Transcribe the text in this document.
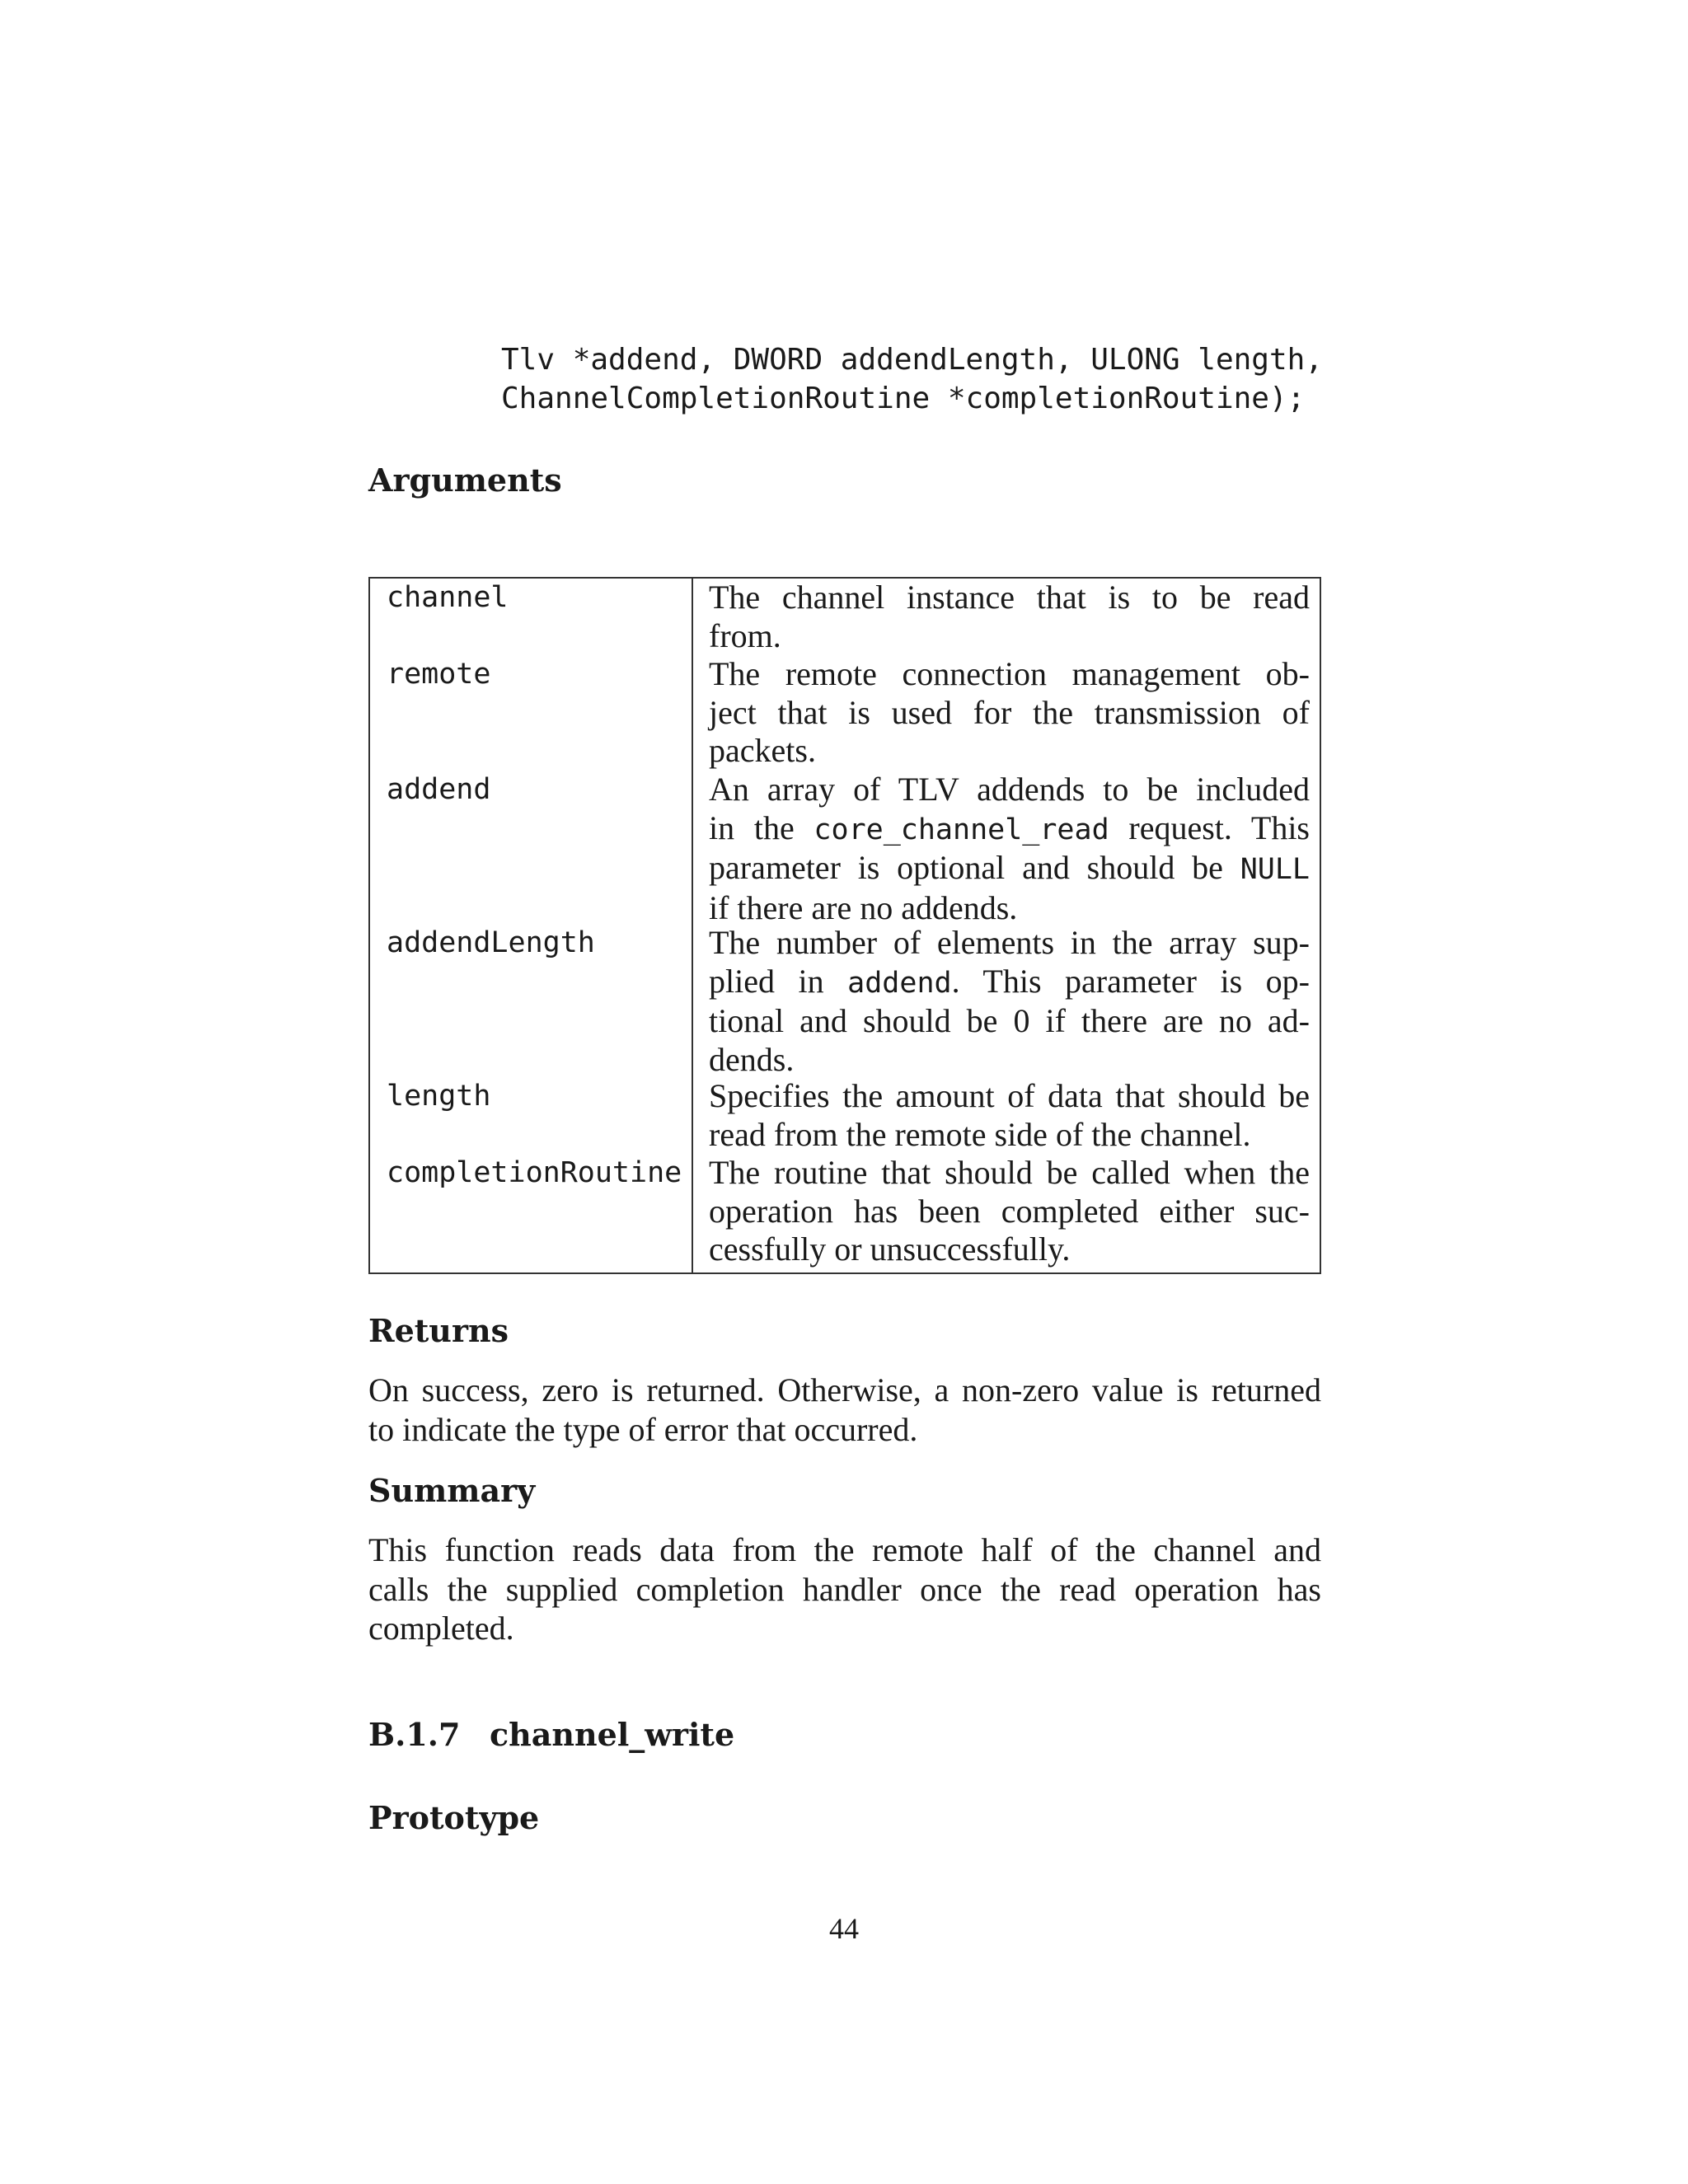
Tlv *addend, DWORD addendLength, ULONG length,
ChannelCompletionRoutine *completionRoutine);
Arguments
channel	The channel instance that is to be read
from.
remote	The remote connection management ob-
ject that is used for the transmission of
packets.
addend	An array of TLV addends to be included
in the core_channel_read request. This
parameter is optional and should be NULL
if there are no addends.
addendLength	The number of elements in the array sup-
plied in addend. This parameter is op-
tional and should be 0 if there are no ad-
dends.
length	Specifies the amount of data that should be
read from the remote side of the channel.
completionRoutine The routine that should be called when the
operation has been completed either suc-
cessfully or unsuccessfully.
Returns
On success, zero is returned. Otherwise, a non-zero value is returned
to indicate the type of error that occurred.
Summary
This function reads data from the remote half of the channel and
calls the supplied completion handler once the read operation has
completed.
B.1.7 channel_write
Prototype
44
